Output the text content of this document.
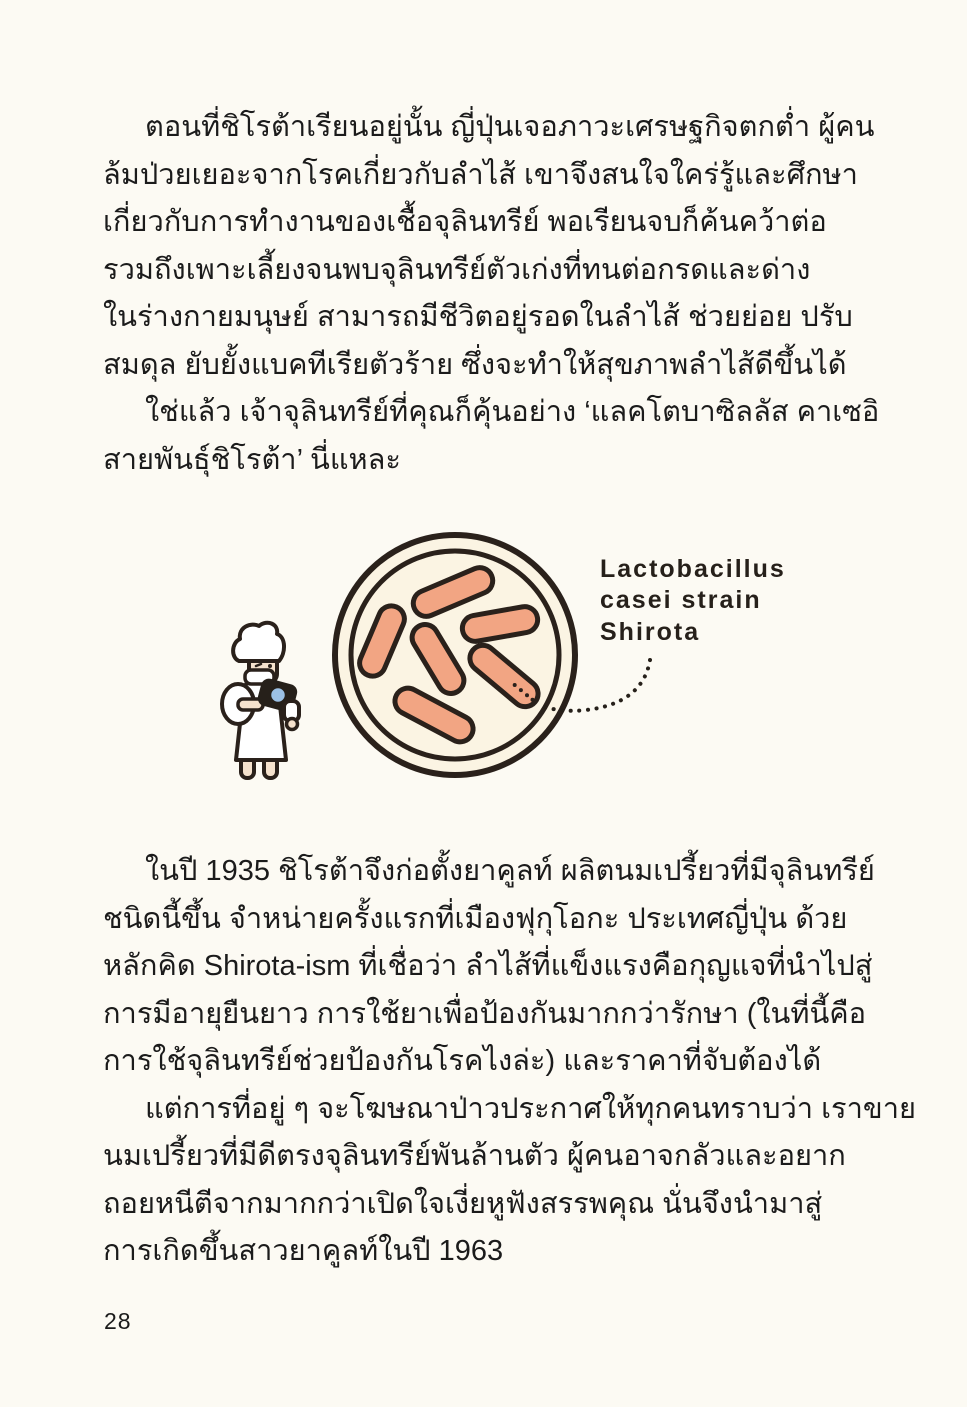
ตอนที่ชิโรต้าเรียนอยู่นั้น ญี่ปุ่นเจอภาวะเศรษฐกิจตกต่ำ ผู้คน
ล้มป่วยเยอะจากโรคเกี่ยวกับลำไส้ เขาจึงสนใจใคร่รู้และศึกษา
เกี่ยวกับการทำงานของเชื้อจุลินทรีย์ พอเรียนจบก็ค้นคว้าต่อ
รวมถึงเพาะเลี้ยงจนพบจุลินทรีย์ตัวเก่งที่ทนต่อกรดและด่าง
ในร่างกายมนุษย์ สามารถมีชีวิตอยู่รอดในลำไส้ ช่วยย่อย ปรับ
สมดุล ยับยั้งแบคทีเรียตัวร้าย ซึ่งจะทำให้สุขภาพลำไส้ดีขึ้นได้
ใช่แล้ว เจ้าจุลินทรีย์ที่คุณก็คุ้นอย่าง ‘แลคโตบาซิลลัส คาเซอิ
สายพันธุ์ชิโรต้า’ นี่แหละ
Lactobacillus
casei strain
Shirota
ในปี 1935 ชิโรต้าจึงก่อตั้งยาคูลท์ ผลิตนมเปรี้ยวที่มีจุลินทรีย์
ชนิดนี้ขึ้น จำหน่ายครั้งแรกที่เมืองฟุกุโอกะ ประเทศญี่ปุ่น ด้วย
หลักคิด Shirota-ism ที่เชื่อว่า ลำไส้ที่แข็งแรงคือกุญแจที่นำไปสู่
การมีอายุยืนยาว การใช้ยาเพื่อป้องกันมากกว่ารักษา (ในที่นี้คือ
การใช้จุลินทรีย์ช่วยป้องกันโรคไงล่ะ) และราคาที่จับต้องได้
แต่การที่อยู่ ๆ จะโฆษณาป่าวประกาศให้ทุกคนทราบว่า เราขาย
นมเปรี้ยวที่มีดีตรงจุลินทรีย์พันล้านตัว ผู้คนอาจกลัวและอยาก
ถอยหนีตีจากมากกว่าเปิดใจเงี่ยหูฟังสรรพคุณ นั่นจึงนำมาสู่
การเกิดขึ้นสาวยาคูลท์ในปี 1963
28
